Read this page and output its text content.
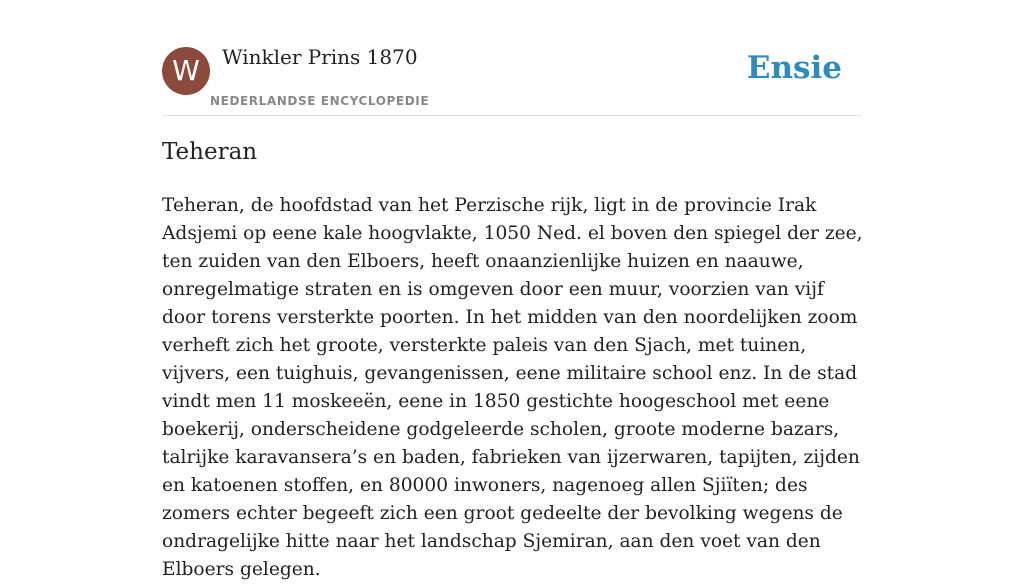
W	Winkler Prins 1870
NEDERLANDSE ENCYCLOPEDIE
Ensie
Teheran

Teheran, de hoofdstad van het Perzische rijk, ligt in de provincie Irak Adsjemi op eene kale hoogvlakte, 1050 Ned. el boven den spiegel der zee, ten zuiden van den Elboers, heeft onaanzienlijke huizen en naauwe, onregelmatige straten en is omgeven door een muur, voorzien van vijf door torens versterkte poorten. In het midden van den noordelijken zoom verheft zich het groote, versterkte paleis van den Sjach, met tuinen, vijvers, een tuighuis, gevangenissen, eene militaire school enz. In de stad vindt men 11 moskeeën, eene in 1850 gestichte hoogeschool met eene boekerij, onderscheidene godgeleerde scholen, groote moderne bazars, talrijke karavansera’s en baden, fabrieken van ijzerwaren, tapijten, zijden en katoenen stoffen, en 80000 inwoners, nagenoeg allen Sjiïten; des zomers echter begeeft zich een groot gedeelte der bevolking wegens de ondragelijke hitte naar het landschap Sjemiran, aan den voet van den Elboers gelegen.
